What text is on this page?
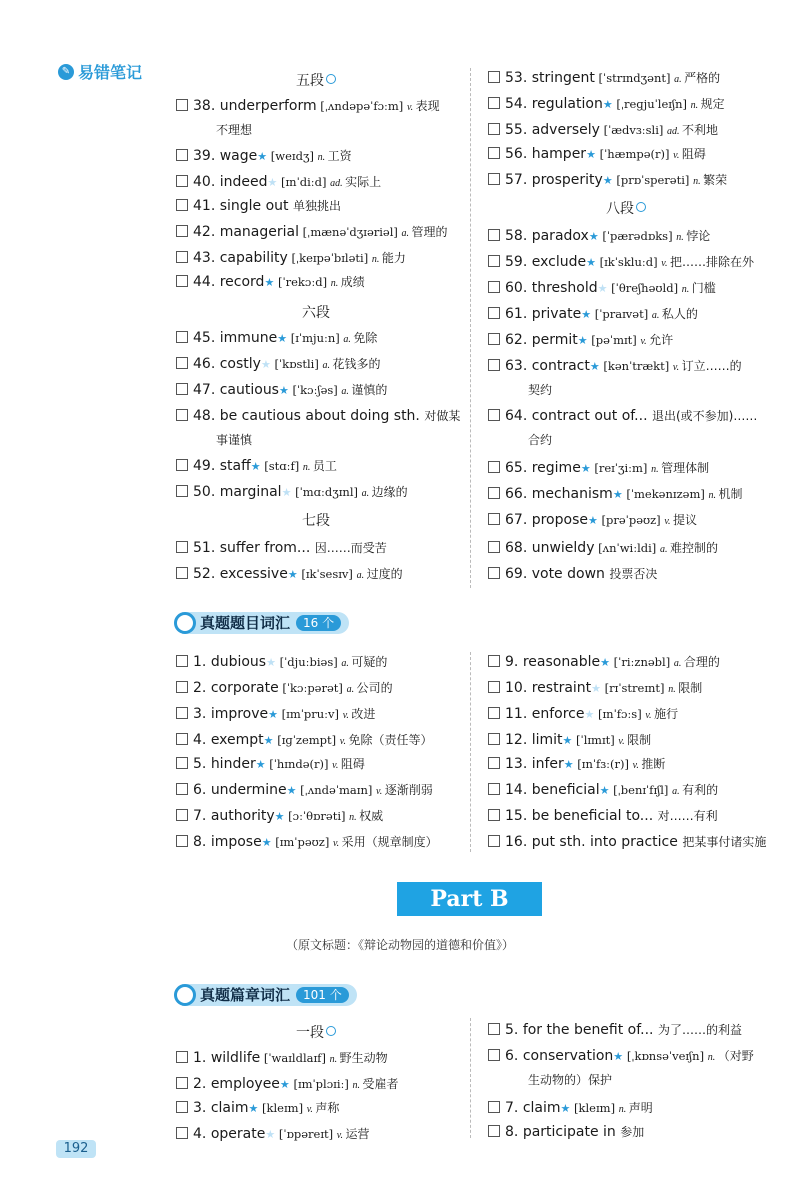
✎ 易错笔记	五段
六段
七段
八段
一段
38. underperform [ˌʌndəpəˈfɔːm] v. 表现
不理想
39. wage★ [weɪdʒ] n. 工资
40. indeed★ [ɪnˈdiːd] ad. 实际上
41. single out 单独挑出
42. managerial [ˌmænəˈdʒɪəriəl] a. 管理的
43. capability [ˌkeɪpəˈbɪləti] n. 能力
44. record★ [ˈrekɔːd] n. 成绩
45. immune★ [ɪˈmjuːn] a. 免除
46. costly★ [ˈkɒstli] a. 花钱多的
47. cautious★ [ˈkɔːʃəs] a. 谨慎的
48. be cautious about doing sth. 对做某
事谨慎
49. staff★ [stɑːf] n. 员工
50. marginal★ [ˈmɑːdʒɪnl] a. 边缘的
51. suffer from... 因……而受苦
52. excessive★ [ɪkˈsesɪv] a. 过度的
53. stringent [ˈstrɪndʒənt] a. 严格的
54. regulation★ [ˌreɡjuˈleɪʃn] n. 规定
55. adversely [ˈædvɜːsli] ad. 不利地
56. hamper★ [ˈhæmpə(r)] v. 阻碍
57. prosperity★ [prɒˈsperəti] n. 繁荣
58. paradox★ [ˈpærədɒks] n. 悖论
59. exclude★ [ɪkˈskluːd] v. 把……排除在外
60. threshold★ [ˈθreʃhəʊld] n. 门槛
61. private★ [ˈpraɪvət] a. 私人的
62. permit★ [pəˈmɪt] v. 允许
63. contract★ [kənˈtrækt] v. 订立……的
契约
64. contract out of... 退出(或不参加)……
合约
65. regime★ [reɪˈʒiːm] n. 管理体制
66. mechanism★ [ˈmekənɪzəm] n. 机制
67. propose★ [prəˈpəʊz] v. 提议
68. unwieldy [ʌnˈwiːldi] a. 难控制的
69. vote down 投票否决
1. dubious★ [ˈdjuːbiəs] a. 可疑的
2. corporate [ˈkɔːpərət] a. 公司的
3. improve★ [ɪmˈpruːv] v. 改进
4. exempt★ [ɪɡˈzempt] v. 免除（责任等）
5. hinder★ [ˈhɪndə(r)] v. 阻碍
6. undermine★ [ˌʌndəˈmaɪn] v. 逐渐削弱
7. authority★ [ɔːˈθɒrəti] n. 权威
8. impose★ [ɪmˈpəʊz] v. 采用（规章制度）
9. reasonable★ [ˈriːznəbl] a. 合理的
10. restraint★ [rɪˈstreɪnt] n. 限制
11. enforce★ [ɪnˈfɔːs] v. 施行
12. limit★ [ˈlɪmɪt] v. 限制
13. infer★ [ɪnˈfɜː(r)] v. 推断
14. beneficial★ [ˌbenɪˈfɪʃl] a. 有利的
15. be beneficial to... 对……有利
16. put sth. into practice 把某事付诸实施
1. wildlife [ˈwaɪldlaɪf] n. 野生动物
2. employee★ [ɪmˈplɔɪiː] n. 受雇者
3. claim★ [kleɪm] v. 声称
4. operate★ [ˈɒpəreɪt] v. 运营
5. for the benefit of... 为了……的利益
6. conservation★ [ˌkɒnsəˈveɪʃn] n. （对野
生动物的）保护
7. claim★ [kleɪm] n. 声明
8. participate in 参加
真题题目词汇	16 个
Part B
（原文标题：《辩论动物园的道德和价值》）
真题篇章词汇	101 个
192
